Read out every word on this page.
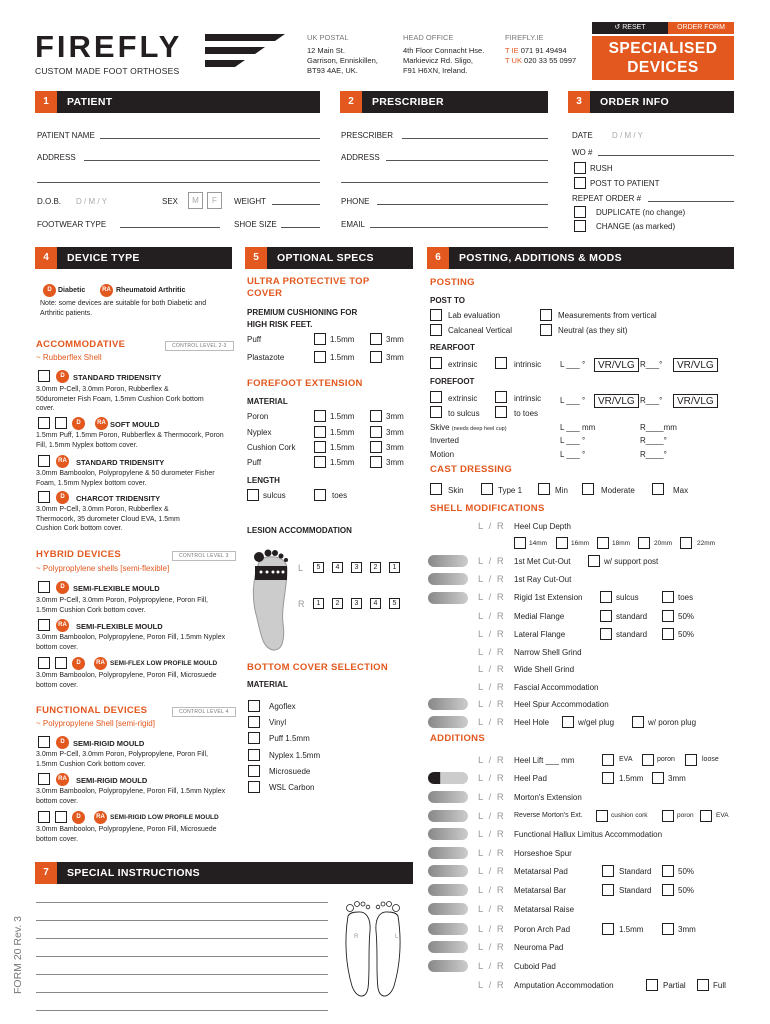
FIREFLY
CUSTOM MADE FOOT ORTHOSES
UK POSTAL
12 Main St.
Garrison, Enniskillen,
BT93 4AE, UK.
HEAD OFFICE
4th Floor Connacht Hse.
Markievicz Rd. Sligo,
F91 H6XN, Ireland.
FIREFLY.IE
T IE 071 91 49494
T UK 020 33 55 0997
↺ RESET	ORDER FORM
SPECIALISED
DEVICES
1	PATIENT	2	PRESCRIBER	3	ORDER INFO
PATIENT NAME
ADDRESS
D.O.B. D / M / Y	SEX	M	F	WEIGHT
FOOTWEAR TYPE	SHOE SIZE
PRESCRIBER
ADDRESS
PHONE
EMAIL
DATE D / M / Y
WO #
RUSH
POST TO PATIENT
REPEAT ORDER #
DUPLICATE (no change)
CHANGE (as marked)
4	DEVICE TYPE	5	OPTIONAL SPECS	6	POSTING, ADDITIONS & MODS
D Diabetic	RA Rheumatoid Arthritic
Note: some devices are suitable for both Diabetic and Arthritic patients.
ACCOMMODATIVE	CONTROL LEVEL 2-3
~ Rubberflex Shell
D	STANDARD TRIDENSITY
3.0mm P-Cell, 3.0mm Poron, Rubberflex & 50durometer Fish Foam, 1.5mm Cushion Cork bottom cover.
D	RA SOFT MOULD
1.5mm Puff, 1.5mm Poron, Rubberflex & Thermocork, Poron Fill, 1.5mm Nyplex bottom cover.
RA STANDARD TRIDENSITY
3.0mm Bamboolon, Polypropylene & 50 durometer Fisher Foam, 1.5mm Nyplex bottom cover.
D	CHARCOT TRIDENSITY
3.0mm P-Cell, 3.0mm Poron, Rubberflex & Thermocork, 35 durometer Cloud EVA, 1.5mm Cushion Cork bottom cover.
HYBRID DEVICES	CONTROL LEVEL 3
~ Polyproplylene shells [semi-flexible]
D	SEMI-FLEXIBLE MOULD
3.0mm P-Cell, 3.0mm Poron, Polypropylene, Poron Fill, 1.5mm Cushion Cork bottom cover.
RA SEMI-FLEXIBLE MOULD
3.0mm Bamboolon, Polypropylene, Poron Fill, 1.5mm Nyplex bottom cover.
D	RA SEMI-FLEX LOW PROFILE MOULD
3.0mm Bamboolon, Polypropylene, Poron Fill, Microsuede bottom cover.
FUNCTIONAL DEVICES	CONTROL LEVEL 4
~ Polypropylene Shell [semi-rigid]
D	SEMI-RIGID MOULD
3.0mm P-Cell, 3.0mm Poron, Polypropylene, Poron Fill, 1.5mm Cushion Cork bottom cover.
RA SEMI-RIGID MOULD
3.0mm Bamboolon, Polypropylene, Poron Fill, 1.5mm Nyplex bottom cover.
D	RA SEMI-RIGID LOW PROFILE MOULD
3.0mm Bamboolon, Polypropylene, Poron Fill, Microsuede bottom cover.
ULTRA PROTECTIVE TOP COVER
PREMIUM CUSHIONING FOR HIGH RISK FEET.
Puff	1.5mm	3mm
Plastazote	1.5mm	3mm
FOREFOOT EXTENSION
MATERIAL
Poron	1.5mm	3mm
Nyplex	1.5mm	3mm
Cushion Cork	1.5mm	3mm
Puff	1.5mm	3mm
LENGTH
sulcus	toes
LESION ACCOMMODATION
L	5	4	3	2	1
R	1	2	3	4	5
BOTTOM COVER SELECTION
MATERIAL
Agoflex
Vinyl
Puff 1.5mm
Nyplex 1.5mm
Microsuede
WSL Carbon
POSTING
POST TO
Lab evaluation	Measurements from vertical
Calcaneal Vertical	Neutral (as they sit)
REARFOOT
extrinsic	intrinsic L ___ °	VR/VLG R___°	VR/VLG
FOREFOOT
extrinsic	intrinsic L ___ °	VR/VLG R___°	VR/VLG
to sulcus	to toes
Skive (needs deep heel cup)	L ___ mm	R____mm
Inverted	L ___ °	R____°
Motion	L ___ °	R____°
CAST DRESSING
Skin	Type 1	Min	Moderate	Max
SHELL MODIFICATIONS
L / R Heel Cup Depth
14mm	16mm	18mm	20mm	22mm
L / R 1st Met Cut-Out	w/ support post
L / R 1st Ray Cut-Out
L / R Rigid 1st Extension	sulcus	toes
L / R Medial Flange	standard	50%
L / R Lateral Flange	standard	50%
L / R Narrow Shell Grind
L / R Wide Shell Grind
L / R Fascial Accommodation
L / R Heel Spur Accommodation
L / R Heel Hole	w/gel plug	w/ poron plug
ADDITIONS
L / R Heel Lift ___ mm	EVA	poron	loose
L / R Heel Pad	1.5mm	3mm
L / R Morton's Extension
L / R Reverse Morton's Ext.	cushion cork	poron	EVA
L / R Functional Hallux Limitus Accommodation
L / R Horseshoe Spur
L / R Metatarsal Pad	Standard	50%
L / R Metatarsal Bar	Standard	50%
L / R Metatarsal Raise
L / R Poron Arch Pad	1.5mm	3mm
L / R Neuroma Pad
L / R Cuboid Pad
L / R Amputation Accommodation	Partial	Full
7	SPECIAL INSTRUCTIONS
R	L
FORM 20 Rev. 3
